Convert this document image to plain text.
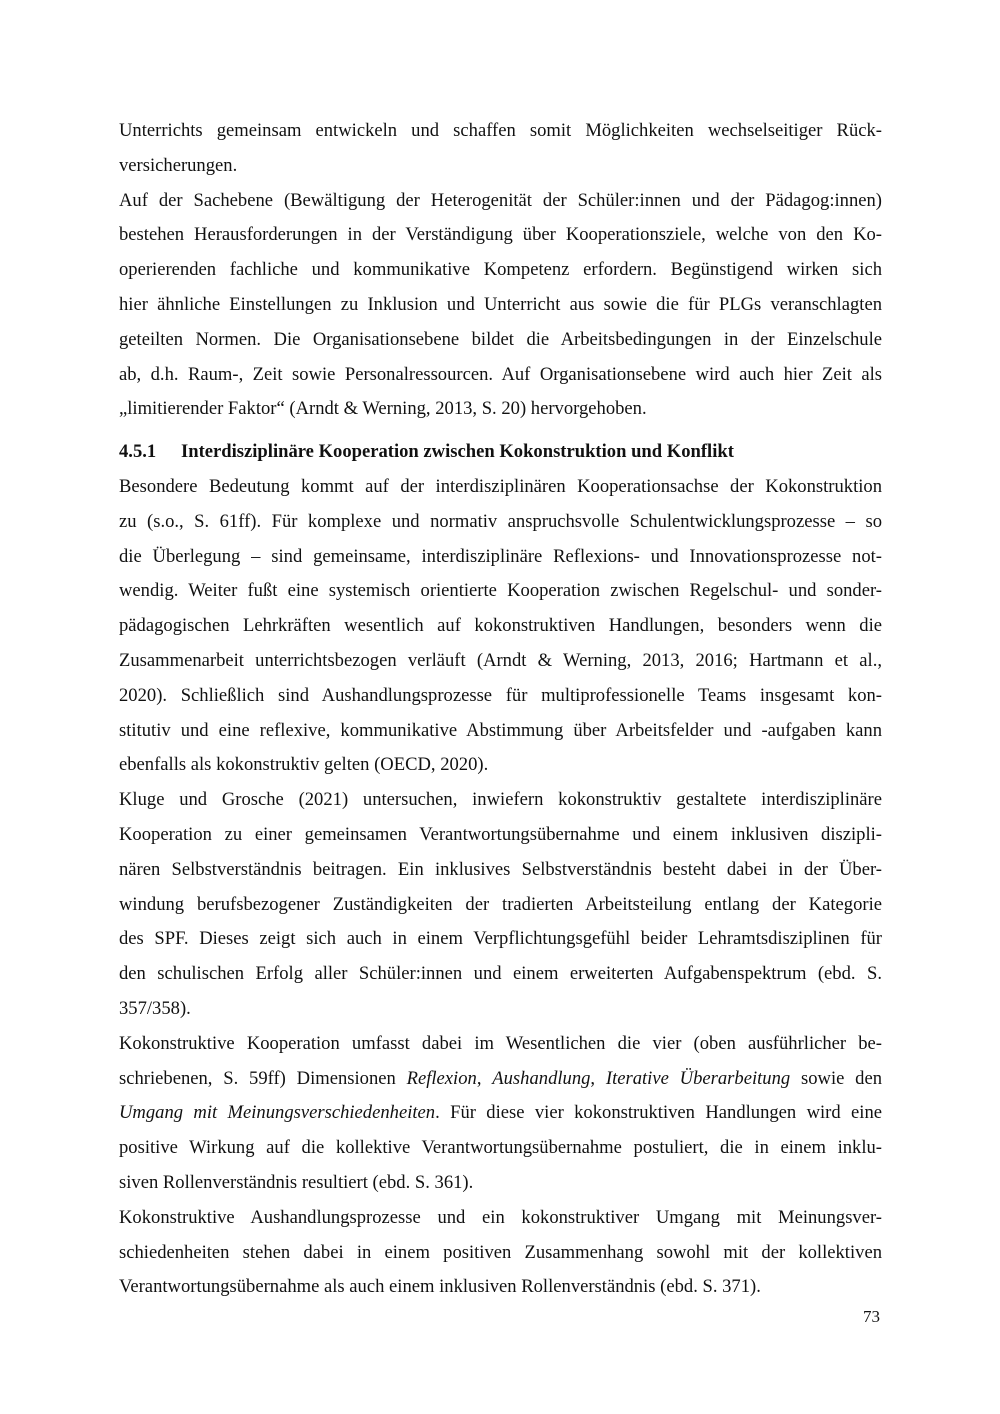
Unterrichts gemeinsam entwickeln und schaffen somit Möglichkeiten wechselseitiger Rück-
versicherungen.
Auf der Sachebene (Bewältigung der Heterogenität der Schüler:innen und der Pädagog:innen)
bestehen Herausforderungen in der Verständigung über Kooperationsziele, welche von den Ko-
operierenden fachliche und kommunikative Kompetenz erfordern. Begünstigend wirken sich
hier ähnliche Einstellungen zu Inklusion und Unterricht aus sowie die für PLGs veranschlagten
geteilten Normen. Die Organisationsebene bildet die Arbeitsbedingungen in der Einzelschule
ab, d.h. Raum-, Zeit sowie Personalressourcen. Auf Organisationsebene wird auch hier Zeit als
„limitierender Faktor“ (Arndt & Werning, 2013, S. 20) hervorgehoben.
4.5.1 Interdisziplinäre Kooperation zwischen Kokonstruktion und Konflikt
Besondere Bedeutung kommt auf der interdisziplinären Kooperationsachse der Kokonstruktion
zu (s.o., S. 61ff). Für komplexe und normativ anspruchsvolle Schulentwicklungsprozesse – so
die Überlegung – sind gemeinsame, interdisziplinäre Reflexions- und Innovationsprozesse not-
wendig. Weiter fußt eine systemisch orientierte Kooperation zwischen Regelschul- und sonder-
pädagogischen Lehrkräften wesentlich auf kokonstruktiven Handlungen, besonders wenn die
Zusammenarbeit unterrichtsbezogen verläuft (Arndt & Werning, 2013, 2016; Hartmann et al.,
2020). Schließlich sind Aushandlungsprozesse für multiprofessionelle Teams insgesamt kon-
stitutiv und eine reflexive, kommunikative Abstimmung über Arbeitsfelder und -aufgaben kann
ebenfalls als kokonstruktiv gelten (OECD, 2020).
Kluge und Grosche (2021) untersuchen, inwiefern kokonstruktiv gestaltete interdisziplinäre
Kooperation zu einer gemeinsamen Verantwortungsübernahme und einem inklusiven diszipli-
nären Selbstverständnis beitragen. Ein inklusives Selbstverständnis besteht dabei in der Über-
windung berufsbezogener Zuständigkeiten der tradierten Arbeitsteilung entlang der Kategorie
des SPF. Dieses zeigt sich auch in einem Verpflichtungsgefühl beider Lehramtsdisziplinen für
den schulischen Erfolg aller Schüler:innen und einem erweiterten Aufgabenspektrum (ebd. S.
357/358).
Kokonstruktive Kooperation umfasst dabei im Wesentlichen die vier (oben ausführlicher be-
schriebenen, S. 59ff) Dimensionen Reflexion, Aushandlung, Iterative Überarbeitung sowie den
Umgang mit Meinungsverschiedenheiten. Für diese vier kokonstruktiven Handlungen wird eine
positive Wirkung auf die kollektive Verantwortungsübernahme postuliert, die in einem inklu-
siven Rollenverständnis resultiert (ebd. S. 361).
Kokonstruktive Aushandlungsprozesse und ein kokonstruktiver Umgang mit Meinungsver-
schiedenheiten stehen dabei in einem positiven Zusammenhang sowohl mit der kollektiven
Verantwortungsübernahme als auch einem inklusiven Rollenverständnis (ebd. S. 371).
73
